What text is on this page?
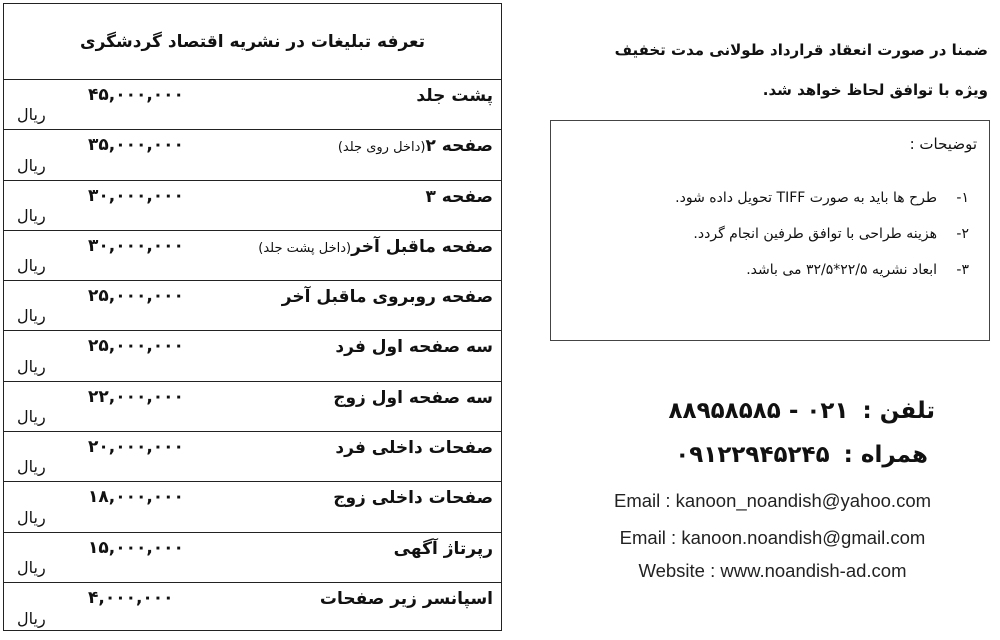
تعرفه تبلیغات در نشریه اقتصاد گردشگری
پشت جلد
۴۵,۰۰۰,۰۰۰
ریال
صفحه ۲(داخل روی جلد)
۳۵,۰۰۰,۰۰۰
ریال
صفحه ۳
۳۰,۰۰۰,۰۰۰
ریال
صفحه ماقبل آخر(داخل پشت جلد)
۳۰,۰۰۰,۰۰۰
ریال
صفحه روبروی ماقبل آخر
۲۵,۰۰۰,۰۰۰
ریال
سه صفحه اول فرد
۲۵,۰۰۰,۰۰۰
ریال
سه صفحه اول زوج
۲۲,۰۰۰,۰۰۰
ریال
صفحات داخلی فرد
۲۰,۰۰۰,۰۰۰
ریال
صفحات داخلی زوج
۱۸,۰۰۰,۰۰۰
ریال
رپرتاژ آگهی
۱۵,۰۰۰,۰۰۰
ریال
اسپانسر زیر صفحات
۴,۰۰۰,۰۰۰
ریال
ضمنا در صورت انعقاد قرارداد طولانی مدت تخفیف
ویژه با توافق لحاظ خواهد شد.
توضیحات :
۱-
طرح ها باید به صورت TIFF تحویل داده شود.
۲-
هزینه طراحی با توافق طرفین انجام گردد.
۳-
ابعاد نشریه ۲۲/۵*۳۲/۵ می باشد.
تلفن : ۰۲۱ - ۸۸۹۵۸۵۸۵
همراه : ۰۹۱۲۲۹۴۵۲۴۵
Email : kanoon_noandish@yahoo.com
Email : kanoon.noandish@gmail.com
Website : www.noandish-ad.com
